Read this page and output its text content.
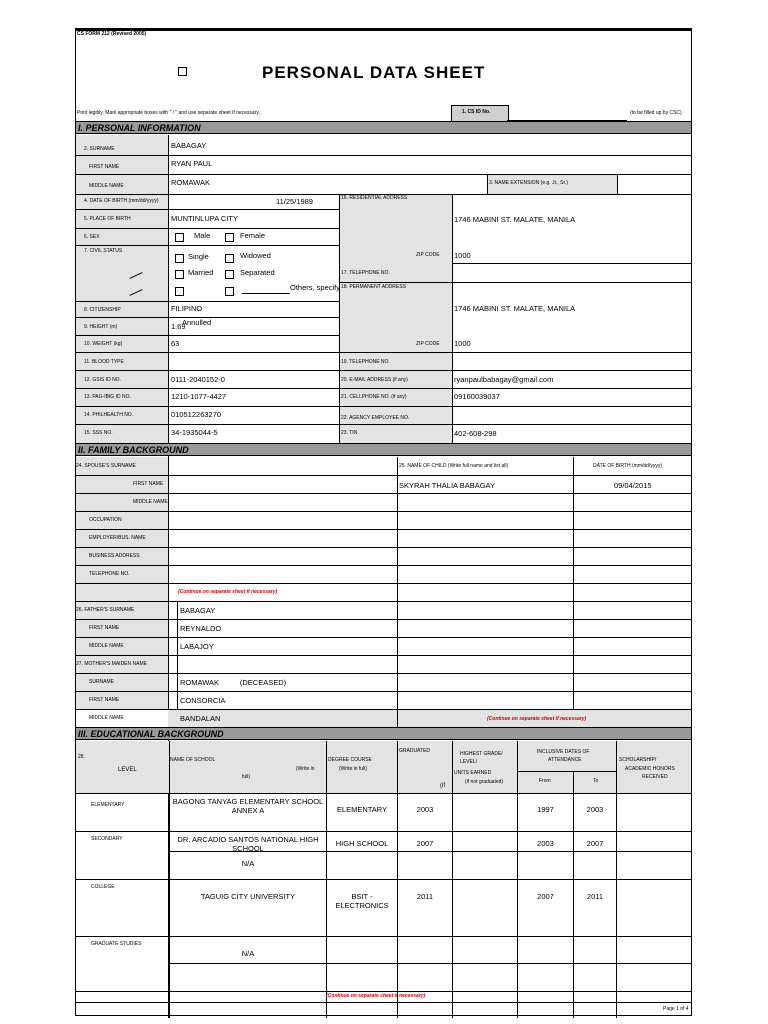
CS FORM 212 (Revised 2005)
PERSONAL DATA SHEET
Print legibly. Mark appropriate boxes with " / " and use separate sheet if necessary.	1. CS ID No.	(to be filled up by CSC)
I. PERSONAL INFORMATION
2. SURNAME	BABAGAY
FIRST NAME	RYAN PAUL
MIDDLE NAME	ROMAWAK	3. NAME EXTENSION (e.g. Jr., Sr.)
4. DATE OF BIRTH (mm/dd/yyyy)	11/25/1989
5. PLACE OF BIRTH	MUNTINLUPA CITY
6. SEX	Male	Female
7. CIVIL STATUS
Single	Widowed
Married	Separated
Others, specify
8. CITIZENSHIP	FILIPINO
9. HEIGHT (m)	1.69
Annulled
10. WEIGHT (kg)	63
11. BLOOD TYPE
12. GSIS ID NO.	0111-2040152-0
13. PAG-IBIG ID NO.	1210-1077-4427
14. PHILHEALTH NO.	010512263270
15. SSS NO.	34-1935044-5
16. RESIDENTIAL ADDRESS
1746 MABINI ST. MALATE, MANILA
ZIP CODE 1000
17. TELEPHONE NO.
18. PERMANENT ADDRESS
1746 MABINI ST. MALATE, MANILA
ZIP CODE 1000
19. TELEPHONE NO.
20. E-MAIL ADDRESS (if any)	ryanpaulbabagay@gmail.com
21. CELLPHONE NO. (if any)	09160039037
22. AGENCY EMPLOYEE NO.
23. TIN	402-608-298
II. FAMILY BACKGROUND
24. SPOUSE'S SURNAME
FIRST NAME
MIDDLE NAME
OCCUPATION
EMPLOYER/BUS. NAME
BUSINESS ADDRESS
TELEPHONE NO.
(Continue on separate sheet if necessary)
25. NAME OF CHILD (Write full name and list all)	DATE OF BIRTH (mm/dd/yyyy)
SKYRAH THALIA BABAGAY	09/04/2015
26. FATHER'S SURNAME	BABAGAY
FIRST NAME	REYNALDO
MIDDLE NAME	LABAJOY
27. MOTHER'S MAIDEN NAME
SURNAME	ROMAWAK          (DECEASED)
FIRST NAME	CONSORCIA
MIDDLE NAME	BANDALAN	(Continue on separate sheet if necessary)
III. EDUCATIONAL BACKGROUND
28.
LEVEL
NAME OF SCHOOL
(Write in
full)
DEGREE COURSE
(Write in full)
GRADUATED
(if
HIGHEST GRADE/
LEVEL/
UNITS EARNED
(if not graduated)
INCLUSIVE DATES OF
ATTENDANCE
From	To
SCHOLARSHIP/
ACADEMIC HONORS
RECEIVED
ELEMENTARY	BAGONG TANYAG ELEMENTARY SCHOOL
ANNEX A	ELEMENTARY	2003	1997	2003
SECONDARY	DR. ARCADIO SANTOS NATIONAL HIGH
SCHOOL
HIGH SCHOOL	2007	2003	2007
N/A
COLLEGE
TAGUIG CITY UNIVERSITY	BSIT -
ELECTRONICS
2011	2007	2011
GRADUATE STUDIES
N/A
(Continue on separate sheet if necessary)
Page 1 of 4
